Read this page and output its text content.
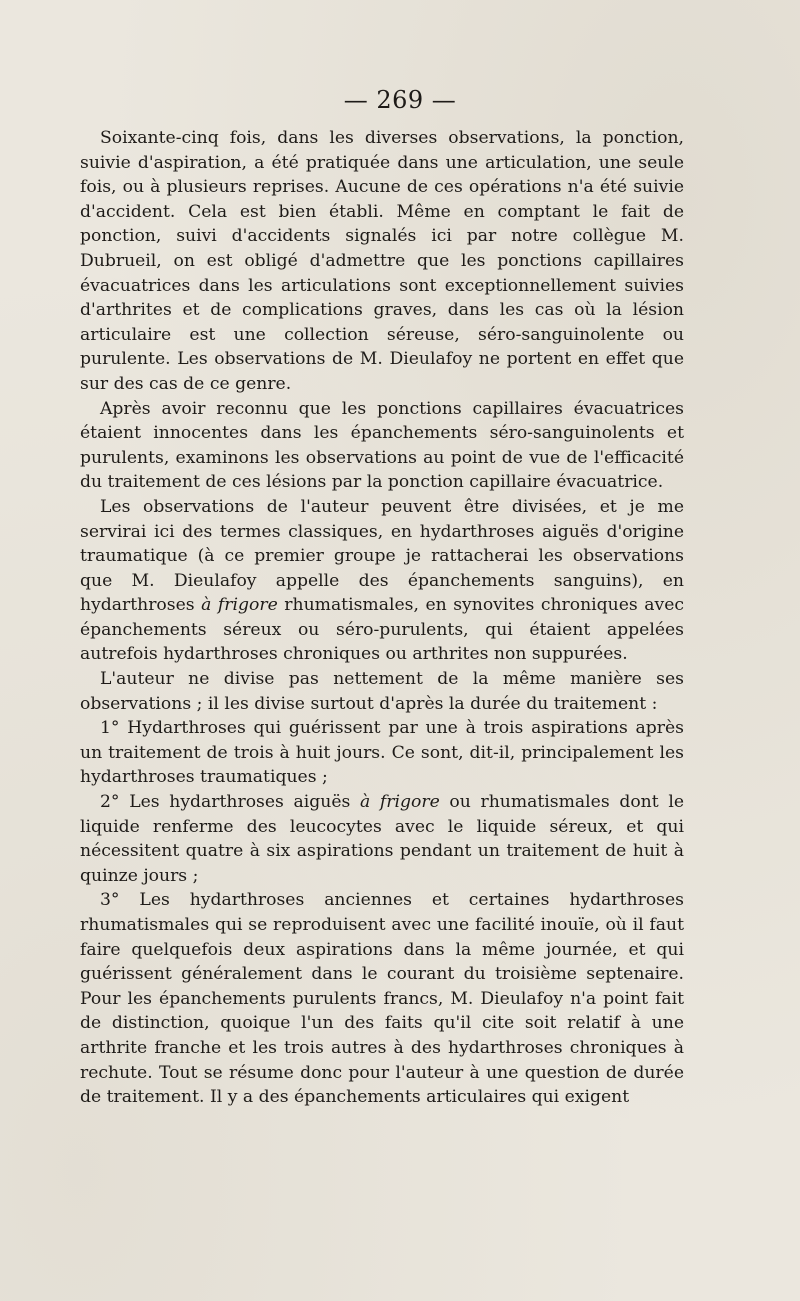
— 269 —

Soixante-cinq fois, dans les diverses observations, la ponction, suivie d'aspiration, a été pratiquée dans une articulation, une seule fois, ou à plusieurs reprises. Aucune de ces opérations n'a été suivie d'accident. Cela est bien établi. Même en comptant le fait de ponction, suivi d'accidents signalés ici par notre collègue M. Dubrueil, on est obligé d'admettre que les ponctions capillaires évacuatrices dans les articulations sont exceptionnellement suivies d'arthrites et de complications graves, dans les cas où la lésion articulaire est une collection séreuse, séro-sanguinolente ou purulente. Les observations de M. Dieulafoy ne portent en effet que sur des cas de ce genre.

Après avoir reconnu que les ponctions capillaires évacuatrices étaient innocentes dans les épanchements séro-sanguinolents et purulents, examinons les observations au point de vue de l'efficacité du traitement de ces lésions par la ponction capillaire évacuatrice.

Les observations de l'auteur peuvent être divisées, et je me servirai ici des termes classiques, en hydarthroses aiguës d'origine traumatique (à ce premier groupe je rattacherai les observations que M. Dieulafoy appelle des épanchements sanguins), en hydarthroses à frigore rhumatismales, en synovites chroniques avec épanchements séreux ou séro-purulents, qui étaient appelées autrefois hydarthroses chroniques ou arthrites non suppurées.

L'auteur ne divise pas nettement de la même manière ses observations ; il les divise surtout d'après la durée du traitement :

1° Hydarthroses qui guérissent par une à trois aspirations après un traitement de trois à huit jours. Ce sont, dit-il, principalement les hydarthroses traumatiques ;

2° Les hydarthroses aiguës à frigore ou rhumatismales dont le liquide renferme des leucocytes avec le liquide séreux, et qui nécessitent quatre à six aspirations pendant un traitement de huit à quinze jours ;

3° Les hydarthroses anciennes et certaines hydarthroses rhumatismales qui se reproduisent avec une facilité inouïe, où il faut faire quelquefois deux aspirations dans la même journée, et qui guérissent généralement dans le courant du troisième septenaire. Pour les épanchements purulents francs, M. Dieulafoy n'a point fait de distinction, quoique l'un des faits qu'il cite soit relatif à une arthrite franche et les trois autres à des hydarthroses chroniques à rechute. Tout se résume donc pour l'auteur à une question de durée de traitement. Il y a des épanchements articulaires qui exigent
